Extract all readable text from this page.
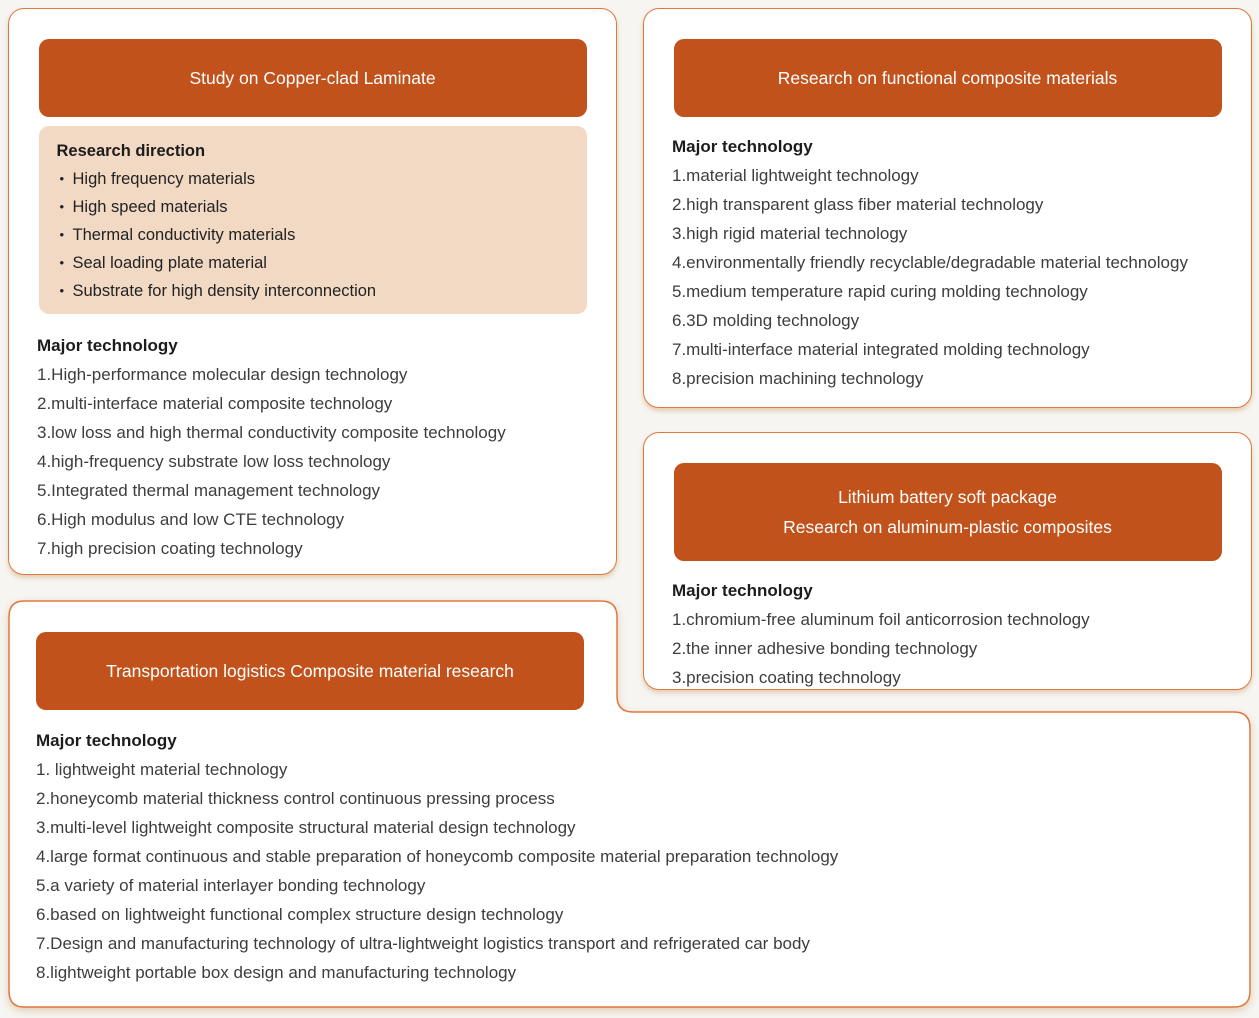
Study on Copper-clad Laminate
Research direction
• High frequency materials
• High speed materials
• Thermal conductivity materials
• Seal loading plate material
• Substrate for high density interconnection
Major technology
1.High-performance molecular design technology
2.multi-interface material composite technology
3.low loss and high thermal conductivity composite technology
4.high-frequency substrate low loss technology
5.Integrated thermal management technology
6.High modulus and low CTE technology
7.high precision coating technology
Research on functional composite materials
Major technology
1.material lightweight technology
2.high transparent glass fiber material technology
3.high rigid material technology
4.environmentally friendly recyclable/degradable material technology
5.medium temperature rapid curing molding technology
6.3D molding technology
7.multi-interface material integrated molding technology
8.precision machining technology
Lithium battery soft package
Research on aluminum-plastic composites
Major technology
1.chromium-free aluminum foil anticorrosion technology
2.the inner adhesive bonding technology
3.precision coating technology
Transportation logistics Composite material research
Major technology
1. lightweight material technology
2.honeycomb material thickness control continuous pressing process
3.multi-level lightweight composite structural material design technology
4.large format continuous and stable preparation of honeycomb composite material preparation technology
5.a variety of material interlayer bonding technology
6.based on lightweight functional complex structure design technology
7.Design and manufacturing technology of ultra-lightweight logistics transport and refrigerated car body
8.lightweight portable box design and manufacturing technology
